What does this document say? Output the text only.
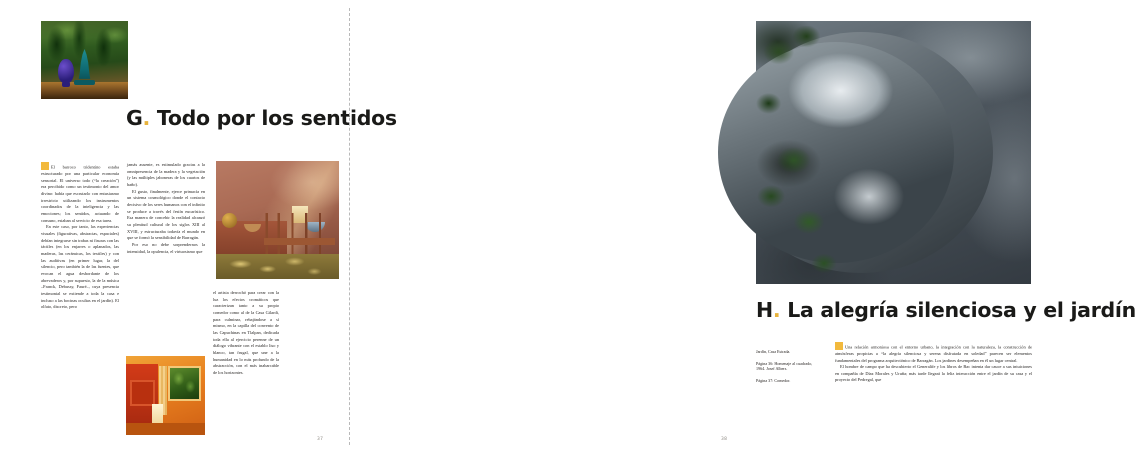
G. Todo por los sentidos

El barroco tridentino estaba estructurado por una particular economía sensorial. El universo todo (“la creación”) era percibido como un testimonio del amor divino: había que escrutarlo con entusiasmo irrestricto utilizando los instrumentos coordinados de la inteligencia y las emociones; los sentidos, actuando de consuno, estaban al servicio de esa tarea.

En este caso, por tanto, las experiencias visuales (figurativas, abstractas, espaciales) debían integrarse sin trabas ni fisuras con las táctiles (en los enjarres o aplanados, las maderas, las cerámicas, los textiles) y con las auditivas (en primer lugar, la del silencio, pero también la de las fuentes, que evocan el agua desbordante de los abrevaderos y, por supuesto, la de la música –Franck, Debussy, Fauré–, cuya presencia testimonial se extiende a toda la casa e incluso a las bocinas ocultas en el jardín). El olfato, discreto, pero

jamás ausente, es estimulado gracias a la omnipresencia de la madera y la vegetación (y las múltiples jaboneras de los cuartos de baño).

El gusto, finalmente, ejerce primacía en un sistema cosmológico donde el contacto decisivo de los seres humanos con el infinito se produce a través del festín eucarístico. Esa manera de concebir la realidad alcanzó su plenitud cultural de los siglos XIII al XVIII, y estructuraba todavía el mundo en que se formó la sensibilidad de Barragán.

Por eso no debe sorprendernos la intensidad, la opulencia, el virtuosismo que

el artista derrochó para crear con la luz los efectos cromáticos que caracterizan tanto a su propio comedor como al de la Casa Gilardi, para culminar, rebajándose a sí mismo, en la capilla del convento de las Capuchinas en Tlalpan, dedicada toda ella al ejercicio perenne de un diálogo vibrante con el establo liso y blanco, tan frugal, que une a la humanidad en lo más profundo de la abstracción, con el más inabarcable de los horizontes.

37
H. La alegría silenciosa y el jardín
Jardín, Casa Estrada.
Página 36: Homenaje al cuadrado, 1964. Josef Albers.
Página 37: Comedor.

Una relación armoniosa con el entorno urbano, la integración con la naturaleza, la construcción de atmósferas propicias a “la alegría silenciosa y serena disfrutada en soledad” parecen ser elementos fundamentales del programa arquitectónico de Barragán. Los jardines desempeñan en él un lugar central.

El hombre de campo que ha descubierto el Generalife y los libros de Bac intenta dar cauce a sus intuiciones en compañía de Díaz Morales y Uruña; más tarde llegará la feliz interacción entre el jardín de su casa y el proyecto del Pedregal, que

38
